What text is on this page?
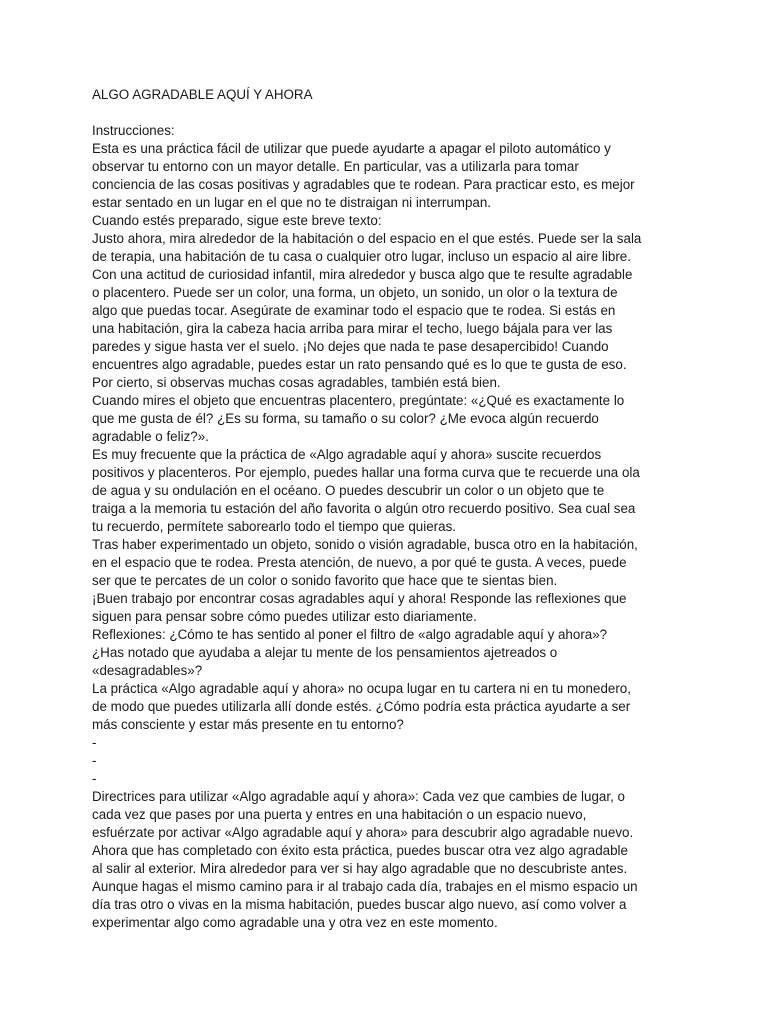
ALGO AGRADABLE AQUÍ Y AHORA
Instrucciones:
Esta es una práctica fácil de utilizar que puede ayudarte a apagar el piloto automático y
observar tu entorno con un mayor detalle. En particular, vas a utilizarla para tomar
conciencia de las cosas positivas y agradables que te rodean. Para practicar esto, es mejor
estar sentado en un lugar en el que no te distraigan ni interrumpan.
Cuando estés preparado, sigue este breve texto:
Justo ahora, mira alrededor de la habitación o del espacio en el que estés. Puede ser la sala
de terapia, una habitación de tu casa o cualquier otro lugar, incluso un espacio al aire libre.
Con una actitud de curiosidad infantil, mira alrededor y busca algo que te resulte agradable
o placentero. Puede ser un color, una forma, un objeto, un sonido, un olor o la textura de
algo que puedas tocar. Asegúrate de examinar todo el espacio que te rodea. Si estás en
una habitación, gira la cabeza hacia arriba para mirar el techo, luego bájala para ver las
paredes y sigue hasta ver el suelo. ¡No dejes que nada te pase desapercibido! Cuando
encuentres algo agradable, puedes estar un rato pensando qué es lo que te gusta de eso.
Por cierto, si observas muchas cosas agradables, también está bien.
Cuando mires el objeto que encuentras placentero, pregúntate: «¿Qué es exactamente lo
que me gusta de él? ¿Es su forma, su tamaño o su color? ¿Me evoca algún recuerdo
agradable o feliz?».
Es muy frecuente que la práctica de «Algo agradable aquí y ahora» suscite recuerdos
positivos y placenteros. Por ejemplo, puedes hallar una forma curva que te recuerde una ola
de agua y su ondulación en el océano. O puedes descubrir un color o un objeto que te
traiga a la memoria tu estación del año favorita o algún otro recuerdo positivo. Sea cual sea
tu recuerdo, permítete saborearlo todo el tiempo que quieras.
Tras haber experimentado un objeto, sonido o visión agradable, busca otro en la habitación,
en el espacio que te rodea. Presta atención, de nuevo, a por qué te gusta. A veces, puede
ser que te percates de un color o sonido favorito que hace que te sientas bien.
¡Buen trabajo por encontrar cosas agradables aquí y ahora! Responde las reflexiones que
siguen para pensar sobre cómo puedes utilizar esto diariamente.
Reflexiones: ¿Cómo te has sentido al poner el filtro de «algo agradable aquí y ahora»?
¿Has notado que ayudaba a alejar tu mente de los pensamientos ajetreados o
«desagradables»?
La práctica «Algo agradable aquí y ahora» no ocupa lugar en tu cartera ni en tu monedero,
de modo que puedes utilizarla allí donde estés. ¿Cómo podría esta práctica ayudarte a ser
más consciente y estar más presente en tu entorno?
-
-
-
Directrices para utilizar «Algo agradable aquí y ahora»: Cada vez que cambies de lugar, o
cada vez que pases por una puerta y entres en una habitación o un espacio nuevo,
esfuérzate por activar «Algo agradable aquí y ahora» para descubrir algo agradable nuevo.
Ahora que has completado con éxito esta práctica, puedes buscar otra vez algo agradable
al salir al exterior. Mira alrededor para ver si hay algo agradable que no descubriste antes.
Aunque hagas el mismo camino para ir al trabajo cada día, trabajes en el mismo espacio un
día tras otro o vivas en la misma habitación, puedes buscar algo nuevo, así como volver a
experimentar algo como agradable una y otra vez en este momento.
